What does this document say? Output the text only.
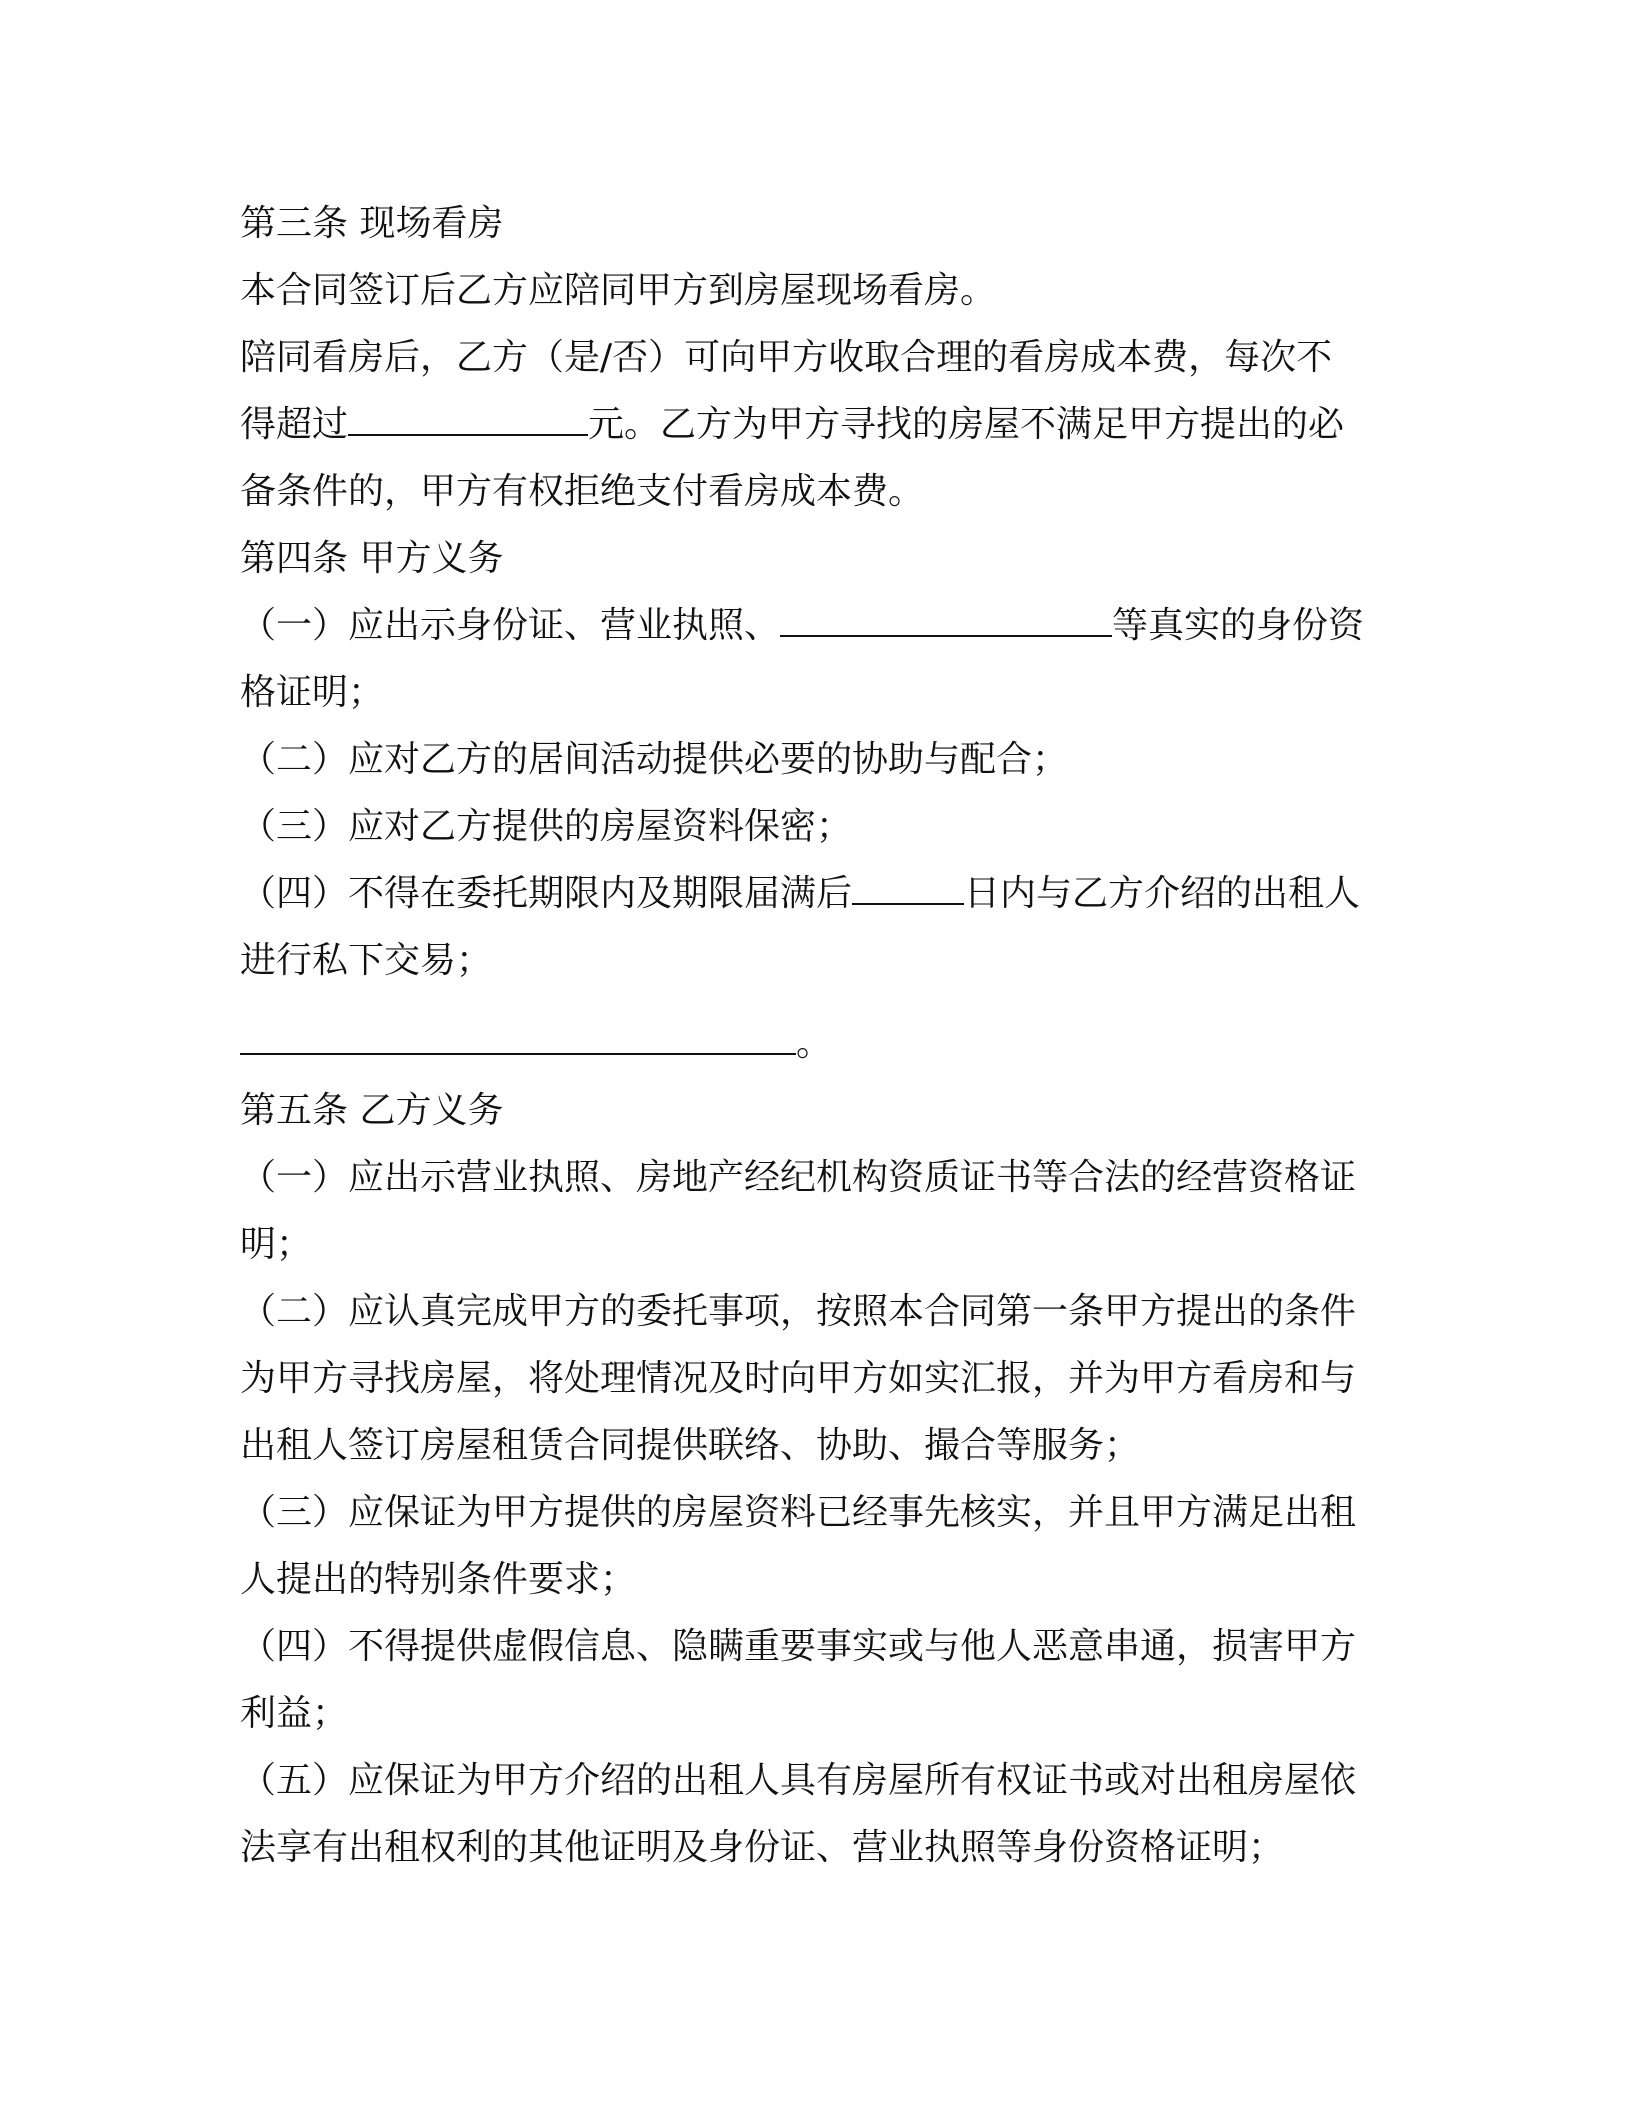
第三条 现场看房
本合同签订后乙方应陪同甲方到房屋现场看房。
陪同看房后，乙方（是/否）可向甲方收取合理的看房成本费，每次不
得超过	元。乙方为甲方寻找的房屋不满足甲方提出的必
备条件的，甲方有权拒绝支付看房成本费。
第四条 甲方义务
（一）应出示身份证、营业执照、	等真实的身份资
格证明；
（二）应对乙方的居间活动提供必要的协助与配合；
（三）应对乙方提供的房屋资料保密；
（四）不得在委托期限内及期限届满后	日内与乙方介绍的出租人
进行私下交易；
。
第五条 乙方义务
（一）应出示营业执照、房地产经纪机构资质证书等合法的经营资格证
明；
（二）应认真完成甲方的委托事项，按照本合同第一条甲方提出的条件
为甲方寻找房屋，将处理情况及时向甲方如实汇报，并为甲方看房和与
出租人签订房屋租赁合同提供联络、协助、撮合等服务；
（三）应保证为甲方提供的房屋资料已经事先核实，并且甲方满足出租
人提出的特别条件要求；
（四）不得提供虚假信息、隐瞒重要事实或与他人恶意串通，损害甲方
利益；
（五）应保证为甲方介绍的出租人具有房屋所有权证书或对出租房屋依
法享有出租权利的其他证明及身份证、营业执照等身份资格证明；
